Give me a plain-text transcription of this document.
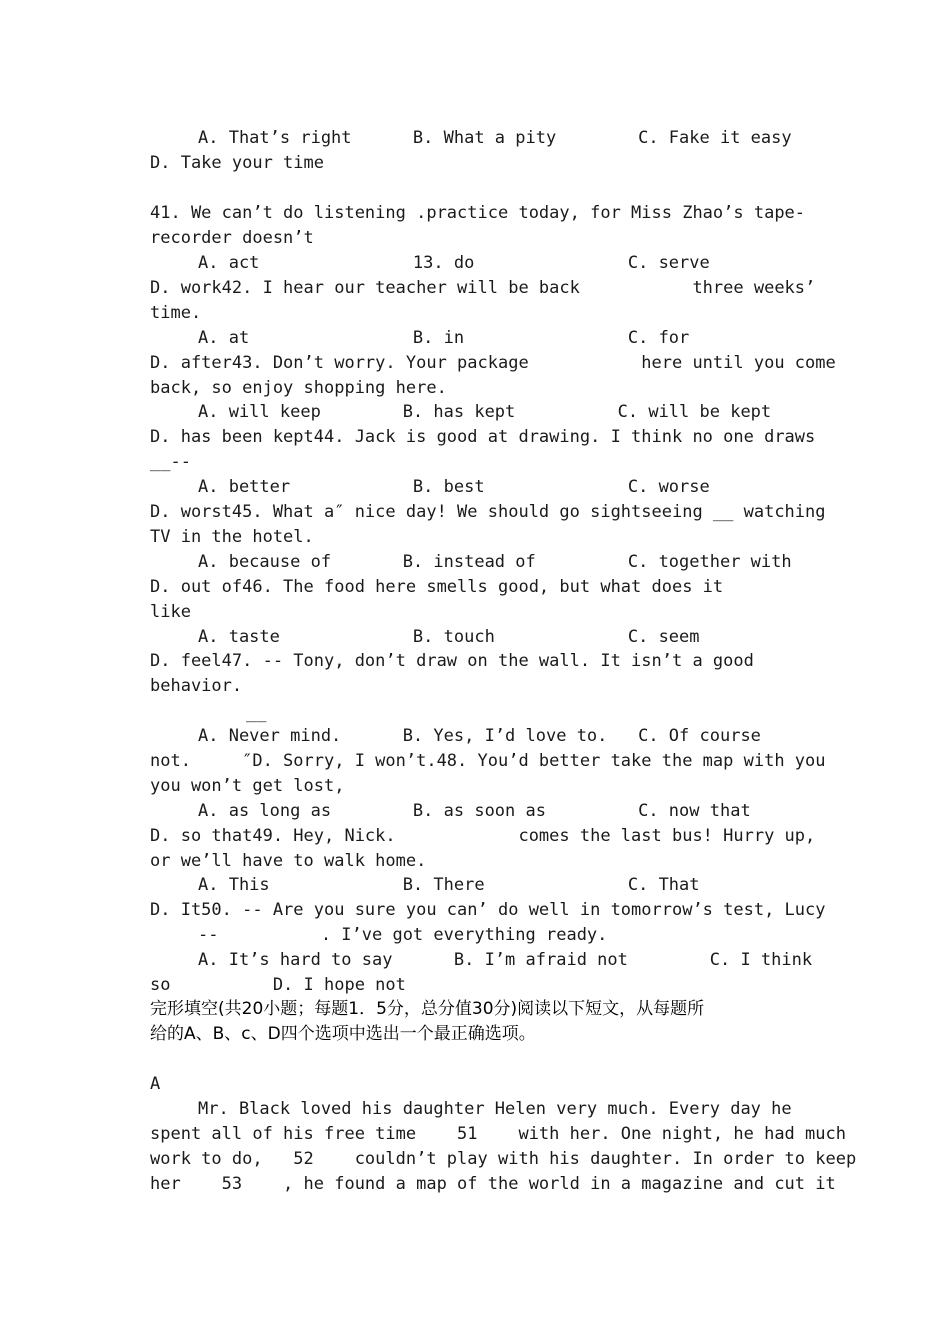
A. That’s right      B. What a pity        C. Fake it easy
D. Take your time
41. We can’t do listening .practice today, for Miss Zhao’s tape-
recorder doesn’t
A. act               13. do               C. serve
D. work42. I hear our teacher will be back           three weeks’
time.
A. at                B. in                C. for
D. after43. Don’t worry. Your package           here until you come
back, so enjoy shopping here.
A. will keep        B. has kept          C. will be kept
D. has been kept44. Jack is good at drawing. I think no one draws
__--
A. better            B. best              C. worse
D. worst45. What a″ nice day! We should go sightseeing __ watching
TV in the hotel.
A. because of       B. instead of         C. together with
D. out of46. The food here smells good, but what does it
like
A. taste             B. touch             C. seem
D. feel47. -- Tony, don’t draw on the wall. It isn’t a good
behavior.
__
A. Never mind.      B. Yes, I’d love to.   C. Of course
not.     ″D. Sorry, I won’t.48. You’d better take the map with you
you won’t get lost,
A. as long as        B. as soon as         C. now that
D. so that49. Hey, Nick.            comes the last bus! Hurry up,
or we’ll have to walk home.
A. This             B. There              C. That
D. It50. -- Are you sure you can’ do well in tomorrow’s test, Lucy
--          . I’ve got everything ready.
A. It’s hard to say      B. I’m afraid not        C. I think
so          D. I hope not
完形填空(共20小题；每题1．5分，总分值30分)阅读以下短文，从每题所
给的A、B、c、D四个选项中选出一个最正确选项。
A
Mr. Black loved his daughter Helen very much. Every day he
spent all of his free time    51    with her. One night, he had much
work to do,   52    couldn’t play with his daughter. In order to keep
her    53    , he found a map of the world in a magazine and cut it
